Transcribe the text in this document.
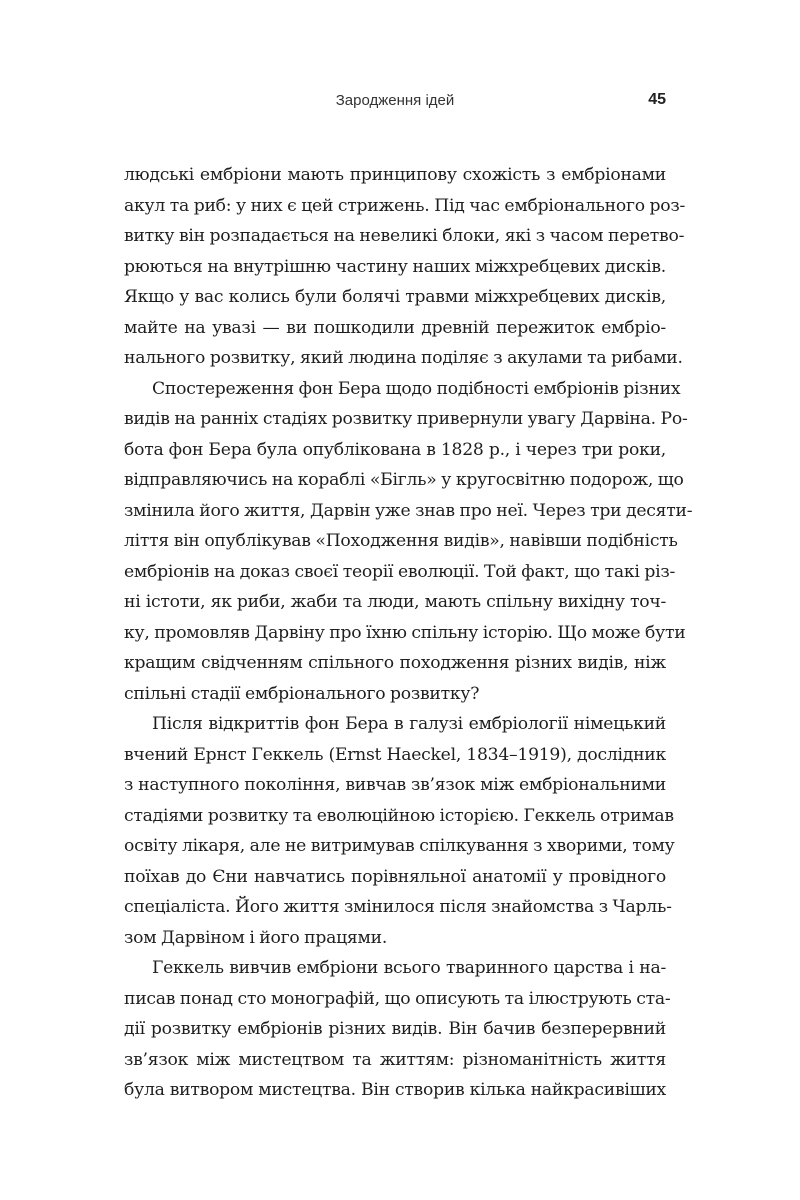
Зародження ідей	45
людські ембріони мають принципову схожість з ембріонами
акул та риб: у них є цей стрижень. Під час ембріонального роз-
витку він розпадається на невеликі блоки, які з часом перетво-
рюються на внутрішню частину наших міжхребцевих дисків.
Якщо у вас колись були болячі травми міжхребцевих дисків,
майте на увазі — ви пошкодили древній пережиток ембріо-
нального розвитку, який людина поділяє з акулами та рибами.
Спостереження фон Бера щодо подібності ембріонів різних
видів на ранніх стадіях розвитку привернули увагу Дарвіна. Ро-
бота фон Бера була опублікована в 1828 р., і через три роки,
відправляючись на кораблі «Бігль» у кругосвітню подорож, що
змінила його життя, Дарвін уже знав про неї. Через три десяти-
ліття він опублікував «Походження видів», навівши подібність
ембріонів на доказ своєї теорії еволюції. Той факт, що такі різ-
ні істоти, як риби, жаби та люди, мають спільну вихідну точ-
ку, промовляв Дарвіну про їхню спільну історію. Що може бути
кращим свідченням спільного походження різних видів, ніж
спільні стадії ембріонального розвитку?
Після відкриттів фон Бера в галузі ембріології німецький
вчений Ернст Геккель (Ernst Haeckel, 1834–1919), дослідник
з наступного покоління, вивчав зв’язок між ембріональними
стадіями розвитку та еволюційною історією. Геккель отримав
освіту лікаря, але не витримував спілкування з хворими, тому
поїхав до Єни навчатись порівняльної анатомії у провідного
спеціаліста. Його життя змінилося після знайомства з Чарль-
зом Дарвіном і його працями.
Геккель вивчив ембріони всього тваринного царства і на-
писав понад сто монографій, що описують та ілюструють ста-
дії розвитку ембріонів різних видів. Він бачив безперервний
зв’язок між мистецтвом та життям: різноманітність життя
була витвором мистецтва. Він створив кілька найкрасивіших
